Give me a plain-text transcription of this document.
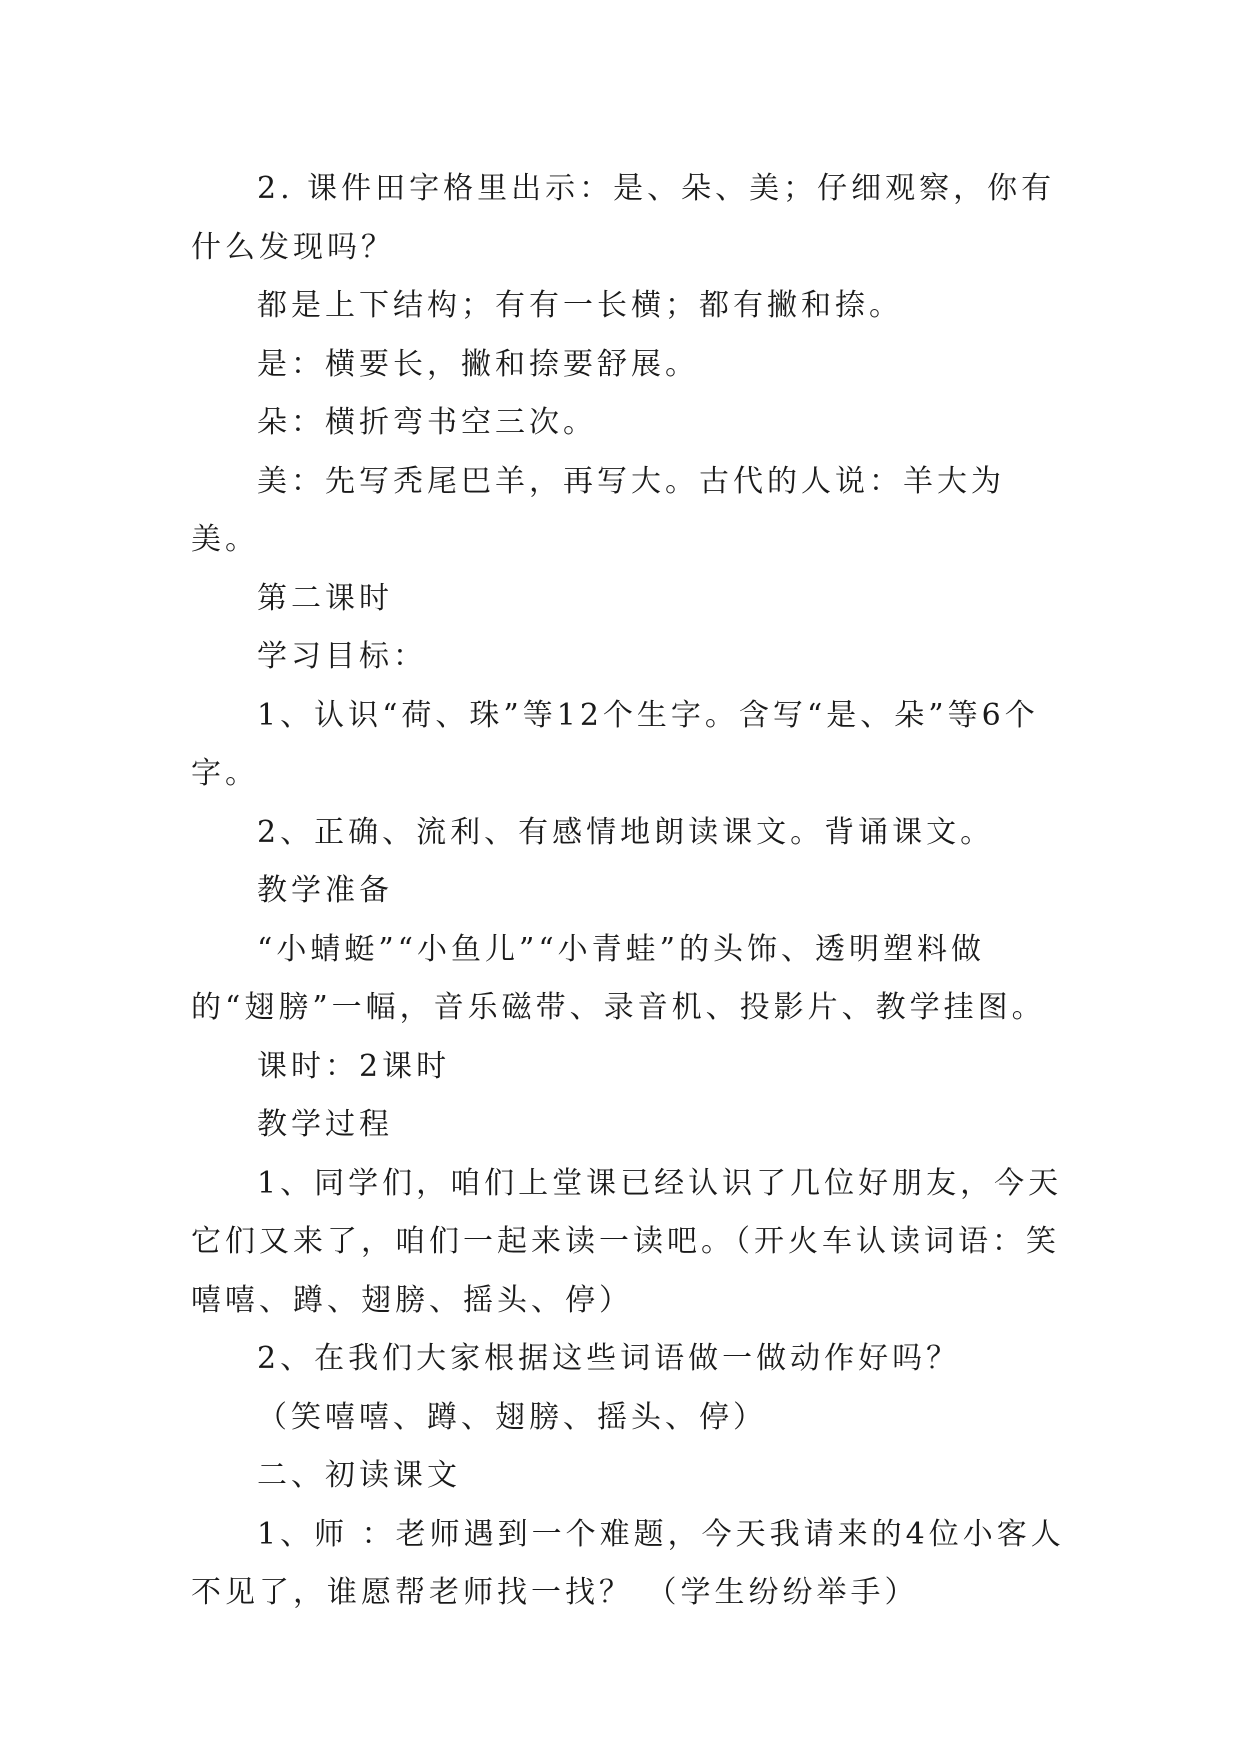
2. 课件田字格里出示：是、朵、美；仔细观察，你有什么发现吗？

都是上下结构；有有一长横；都有撇和捺。

是：横要长，撇和捺要舒展。

朵：横折弯书空三次。

美：先写秃尾巴羊，再写大。古代的人说：羊大为美。

第二课时

学习目标：

1、认识“荷、珠”等12个生字。含写“是、朵”等6个字。

2、正确、流利、有感情地朗读课文。背诵课文。

教学准备

“小蜻蜓”“小鱼儿”“小青蛙”的头饰、透明塑料做的“翅膀”一幅，音乐磁带、录音机、投影片、教学挂图。

课时：2课时

教学过程

1、同学们，咱们上堂课已经认识了几位好朋友，今天它们又来了，咱们一起来读一读吧。（开火车认读词语：笑嘻嘻、蹲、翅膀、摇头、停）

2、在我们大家根据这些词语做一做动作好吗？

（笑嘻嘻、蹲、翅膀、摇头、停）

二、初读课文

1、师 ：老师遇到一个难题，今天我请来的4位小客人不见了，谁愿帮老师找一找？ （学生纷纷举手）
